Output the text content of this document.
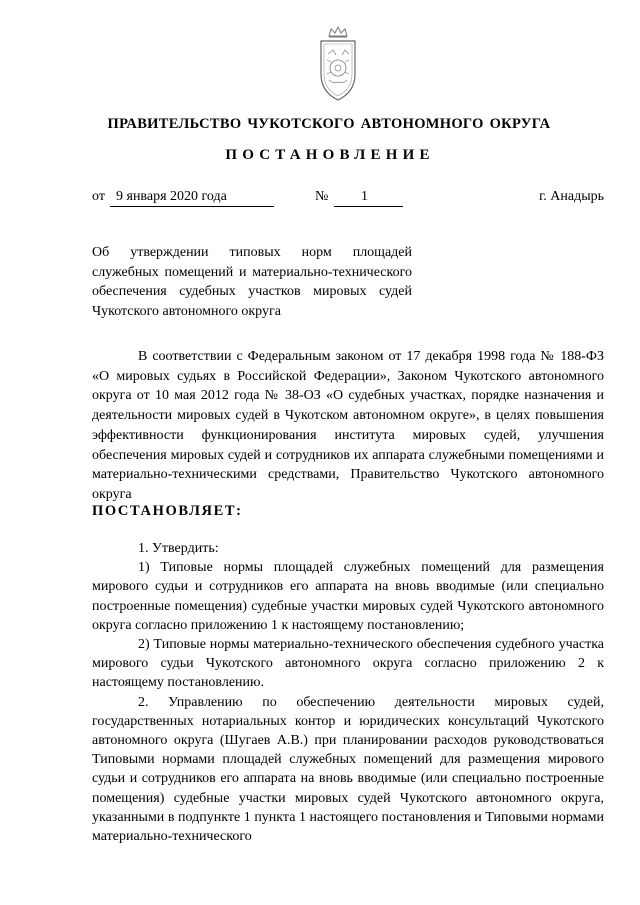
ПРАВИТЕЛЬСТВО ЧУКОТСКОГО АВТОНОМНОГО ОКРУГА
ПОСТАНОВЛЕНИЕ
от 9 января 2020 года	№	1	г. Анадырь
Об утверждении типовых норм площадей служебных помещений и материально-технического обеспечения судебных участков мировых судей Чукотского автономного округа

В соответствии с Федеральным законом от 17 декабря 1998 года № 188-ФЗ «О мировых судьях в Российской Федерации», Законом Чукотского автономного округа от 10 мая 2012 года № 38-ОЗ «О судебных участках, порядке назначения и деятельности мировых судей в Чукотском автономном округе», в целях повышения эффективности функционирования института мировых судей, улучшения обеспечения мировых судей и сотрудников их аппарата служебными помещениями и материально-техническими средствами, Правительство Чукотского автономного округа

ПОСТАНОВЛЯЕТ:

1. Утвердить:

1) Типовые нормы площадей служебных помещений для размещения мирового судьи и сотрудников его аппарата на вновь вводимые (или специально построенные помещения) судебные участки мировых судей Чукотского автономного округа согласно приложению 1 к настоящему постановлению;

2) Типовые нормы материально-технического обеспечения судебного участка мирового судьи Чукотского автономного округа согласно приложению 2 к настоящему постановлению.

2. Управлению по обеспечению деятельности мировых судей, государственных нотариальных контор и юридических консультаций Чукотского автономного округа (Шугаев А.В.) при планировании расходов руководствоваться Типовыми нормами площадей служебных помещений для размещения мирового судьи и сотрудников его аппарата на вновь вводимые (или специально построенные помещения) судебные участки мировых судей Чукотского автономного округа, указанными в подпункте 1 пункта 1 настоящего постановления и Типовыми нормами материально-технического
